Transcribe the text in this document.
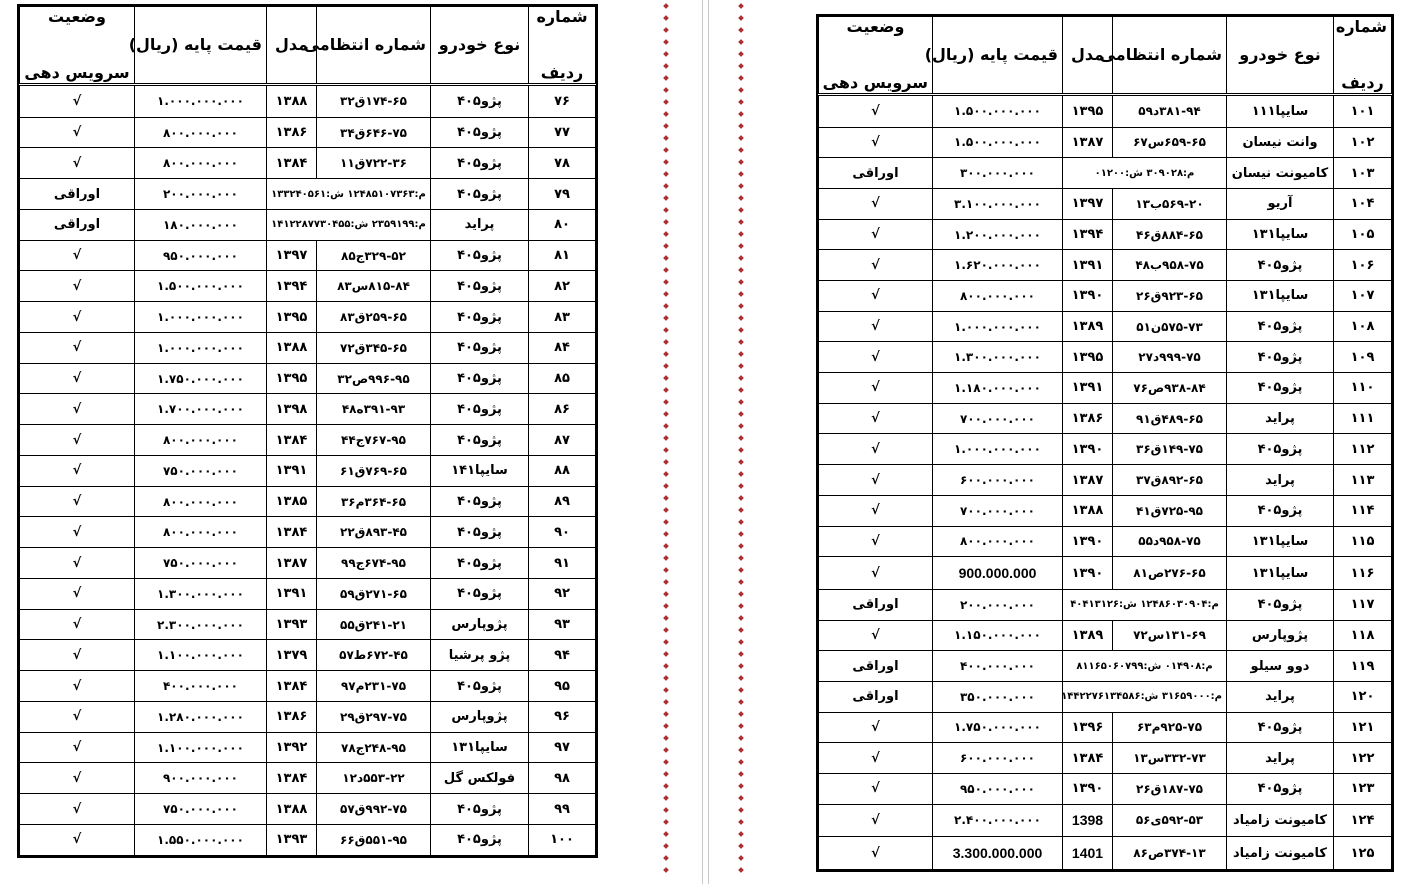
شماره
ردیف	نوع خودرو	شماره انتظامی	مدل	قیمت پایه (ریال)	وضعیت
سرویس دهی

۷۶	پژو۴۰۵	۱۷۴-۶۵ق۳۲	۱۳۸۸	۱.۰۰۰.۰۰۰.۰۰۰	√
۷۷	پژو۴۰۵	۶۴۶-۷۵ق۳۴	۱۳۸۶	۸۰۰.۰۰۰.۰۰۰	√
۷۸	پژو۴۰۵	۷۲۲-۳۶ق۱۱	۱۳۸۴	۸۰۰.۰۰۰.۰۰۰	√
۷۹	پژو۴۰۵	م:۱۲۴۸۵۱۰۷۳۶۳ ش:۱۳۳۲۴۰۵۶۱		۲۰۰.۰۰۰.۰۰۰	اوراقی
۸۰	پراید	م:۲۳۵۹۱۹۹ ش:۱۴۱۲۲۸۷۷۳۰۴۵۵		۱۸۰.۰۰۰.۰۰۰	اوراقی
۸۱	پژو۴۰۵	۳۲۹-۵۲ج۸۵	۱۳۹۷	۹۵۰.۰۰۰.۰۰۰	√
۸۲	پژو۴۰۵	۸۱۵-۸۴س۸۳	۱۳۹۴	۱.۵۰۰.۰۰۰.۰۰۰	√
۸۳	پژو۴۰۵	۲۵۹-۶۵ق۸۳	۱۳۹۵	۱.۰۰۰.۰۰۰.۰۰۰	√
۸۴	پژو۴۰۵	۳۴۵-۶۵ق۷۲	۱۳۸۸	۱.۰۰۰.۰۰۰.۰۰۰	√
۸۵	پژو۴۰۵	۹۹۶-۹۵ص۳۲	۱۳۹۵	۱.۷۵۰.۰۰۰.۰۰۰	√
۸۶	پژو۴۰۵	۳۹۱-۹۳ه۴۸	۱۳۹۸	۱.۷۰۰.۰۰۰.۰۰۰	√
۸۷	پژو۴۰۵	۷۶۷-۹۵ج۴۴	۱۳۸۴	۸۰۰.۰۰۰.۰۰۰	√
۸۸	سایپا۱۴۱	۷۶۹-۶۵ق۶۱	۱۳۹۱	۷۵۰.۰۰۰.۰۰۰	√
۸۹	پژو۴۰۵	۳۶۴-۶۵م۳۶	۱۳۸۵	۸۰۰.۰۰۰.۰۰۰	√
۹۰	پژو۴۰۵	۸۹۳-۴۵ق۲۲	۱۳۸۴	۸۰۰.۰۰۰.۰۰۰	√
۹۱	پژو۴۰۵	۶۷۴-۹۵ج۹۹	۱۳۸۷	۷۵۰.۰۰۰.۰۰۰	√
۹۲	پژو۴۰۵	۲۷۱-۶۵ق۵۹	۱۳۹۱	۱.۳۰۰.۰۰۰.۰۰۰	√
۹۳	پژوپارس	۲۴۱-۲۱ق۵۵	۱۳۹۳	۲.۳۰۰.۰۰۰.۰۰۰	√
۹۴	پژو پرشیا	۶۷۲-۴۵ط۵۷	۱۳۷۹	۱.۱۰۰.۰۰۰.۰۰۰	√
۹۵	پژو۴۰۵	۲۳۱-۷۵م۹۷	۱۳۸۴	۴۰۰.۰۰۰.۰۰۰	√
۹۶	پژوپارس	۲۹۷-۷۵ق۲۹	۱۳۸۶	۱.۲۸۰.۰۰۰.۰۰۰	√
۹۷	سایپا۱۳۱	۲۴۸-۹۵ج۷۸	۱۳۹۲	۱.۱۰۰.۰۰۰.۰۰۰	√
۹۸	فولکس گل	۵۵۳-۲۲د۱۲	۱۳۸۴	۹۰۰.۰۰۰.۰۰۰	√
۹۹	پژو۴۰۵	۹۹۲-۷۵ق۵۷	۱۳۸۸	۷۵۰.۰۰۰.۰۰۰	√
۱۰۰	پژو۴۰۵	۵۵۱-۹۵ق۶۶	۱۳۹۳	۱.۵۵۰.۰۰۰.۰۰۰	√
شماره
ردیف	نوع خودرو	شماره انتظامی	مدل	قیمت پایه (ریال)	وضعیت
سرویس دهی

۱۰۱	سایپا۱۱۱	۳۸۱-۹۴د۵۹	۱۳۹۵	۱.۵۰۰.۰۰۰.۰۰۰	√
۱۰۲	وانت نیسان	۶۵۹-۶۵س۶۷	۱۳۸۷	۱.۵۰۰.۰۰۰.۰۰۰	√
۱۰۳	کامیونت نیسان	م:۳۰۹۰۲۸ ش:۰۱۲۰۰		۳۰۰.۰۰۰.۰۰۰	اوراقی
۱۰۴	آریو	۵۶۹-۲۰ب۱۳	۱۳۹۷	۳.۱۰۰.۰۰۰.۰۰۰	√
۱۰۵	سایپا۱۳۱	۸۸۴-۶۵ق۴۶	۱۳۹۴	۱.۲۰۰.۰۰۰.۰۰۰	√
۱۰۶	پژو۴۰۵	۹۵۸-۷۵ب۴۸	۱۳۹۱	۱.۶۲۰.۰۰۰.۰۰۰	√
۱۰۷	سایپا۱۳۱	۹۲۳-۶۵ق۲۶	۱۳۹۰	۸۰۰.۰۰۰.۰۰۰	√
۱۰۸	پژو۴۰۵	۵۷۵-۷۳ن۵۱	۱۳۸۹	۱.۰۰۰.۰۰۰.۰۰۰	√
۱۰۹	پژو۴۰۵	۹۹۹-۷۵د۲۷	۱۳۹۵	۱.۳۰۰.۰۰۰.۰۰۰	√
۱۱۰	پژو۴۰۵	۹۳۸-۸۴ص۷۶	۱۳۹۱	۱.۱۸۰.۰۰۰.۰۰۰	√
۱۱۱	پراید	۴۸۹-۶۵ق۹۱	۱۳۸۶	۷۰۰.۰۰۰.۰۰۰	√
۱۱۲	پژو۴۰۵	۱۴۹-۷۵ق۳۶	۱۳۹۰	۱.۰۰۰.۰۰۰.۰۰۰	√
۱۱۳	پراید	۸۹۲-۶۵ق۳۷	۱۳۸۷	۶۰۰.۰۰۰.۰۰۰	√
۱۱۴	پژو۴۰۵	۷۲۵-۹۵ق۴۱	۱۳۸۸	۷۰۰.۰۰۰.۰۰۰	√
۱۱۵	سایپا۱۳۱	۹۵۸-۷۵د۵۵	۱۳۹۰	۸۰۰.۰۰۰.۰۰۰	√
۱۱۶	سایپا۱۳۱	۲۷۶-۶۵ص۸۱	۱۳۹۰	900.000.000	√
۱۱۷	پژو۴۰۵	م:۱۲۴۸۶۰۳۰۹۰۴ ش:۴۰۴۱۳۱۲۶		۲۰۰.۰۰۰.۰۰۰	اوراقی
۱۱۸	پژوپارس	۱۳۱-۶۹س۷۲	۱۳۸۹	۱.۱۵۰.۰۰۰.۰۰۰	√
۱۱۹	دوو سیلو	م:۰۱۴۹۰۸ ش:۸۱۱۶۵۰۶۰۷۹۹		۴۰۰.۰۰۰.۰۰۰	اوراقی
۱۲۰	پراید	م:۳۱۶۵۹۰۰۰ ش:۱۴۴۲۲۷۶۱۳۴۵۸۶		۳۵۰.۰۰۰.۰۰۰	اوراقی
۱۲۱	پژو۴۰۵	۹۲۵-۷۵م۶۳	۱۳۹۶	۱.۷۵۰.۰۰۰.۰۰۰	√
۱۲۲	پراید	۳۳۲-۷۳س۱۳	۱۳۸۴	۶۰۰.۰۰۰.۰۰۰	√
۱۲۳	پژو۴۰۵	۱۸۷-۷۵ق۲۶	۱۳۹۰	۹۵۰.۰۰۰.۰۰۰	√
۱۲۴	کامیونت زامیاد	۵۹۲-۵۳ی۵۶	1398	۲.۴۰۰.۰۰۰.۰۰۰	√
۱۲۵	کامیونت زامیاد	۳۷۴-۱۳ص۸۶	1401	3.300.000.000	√
